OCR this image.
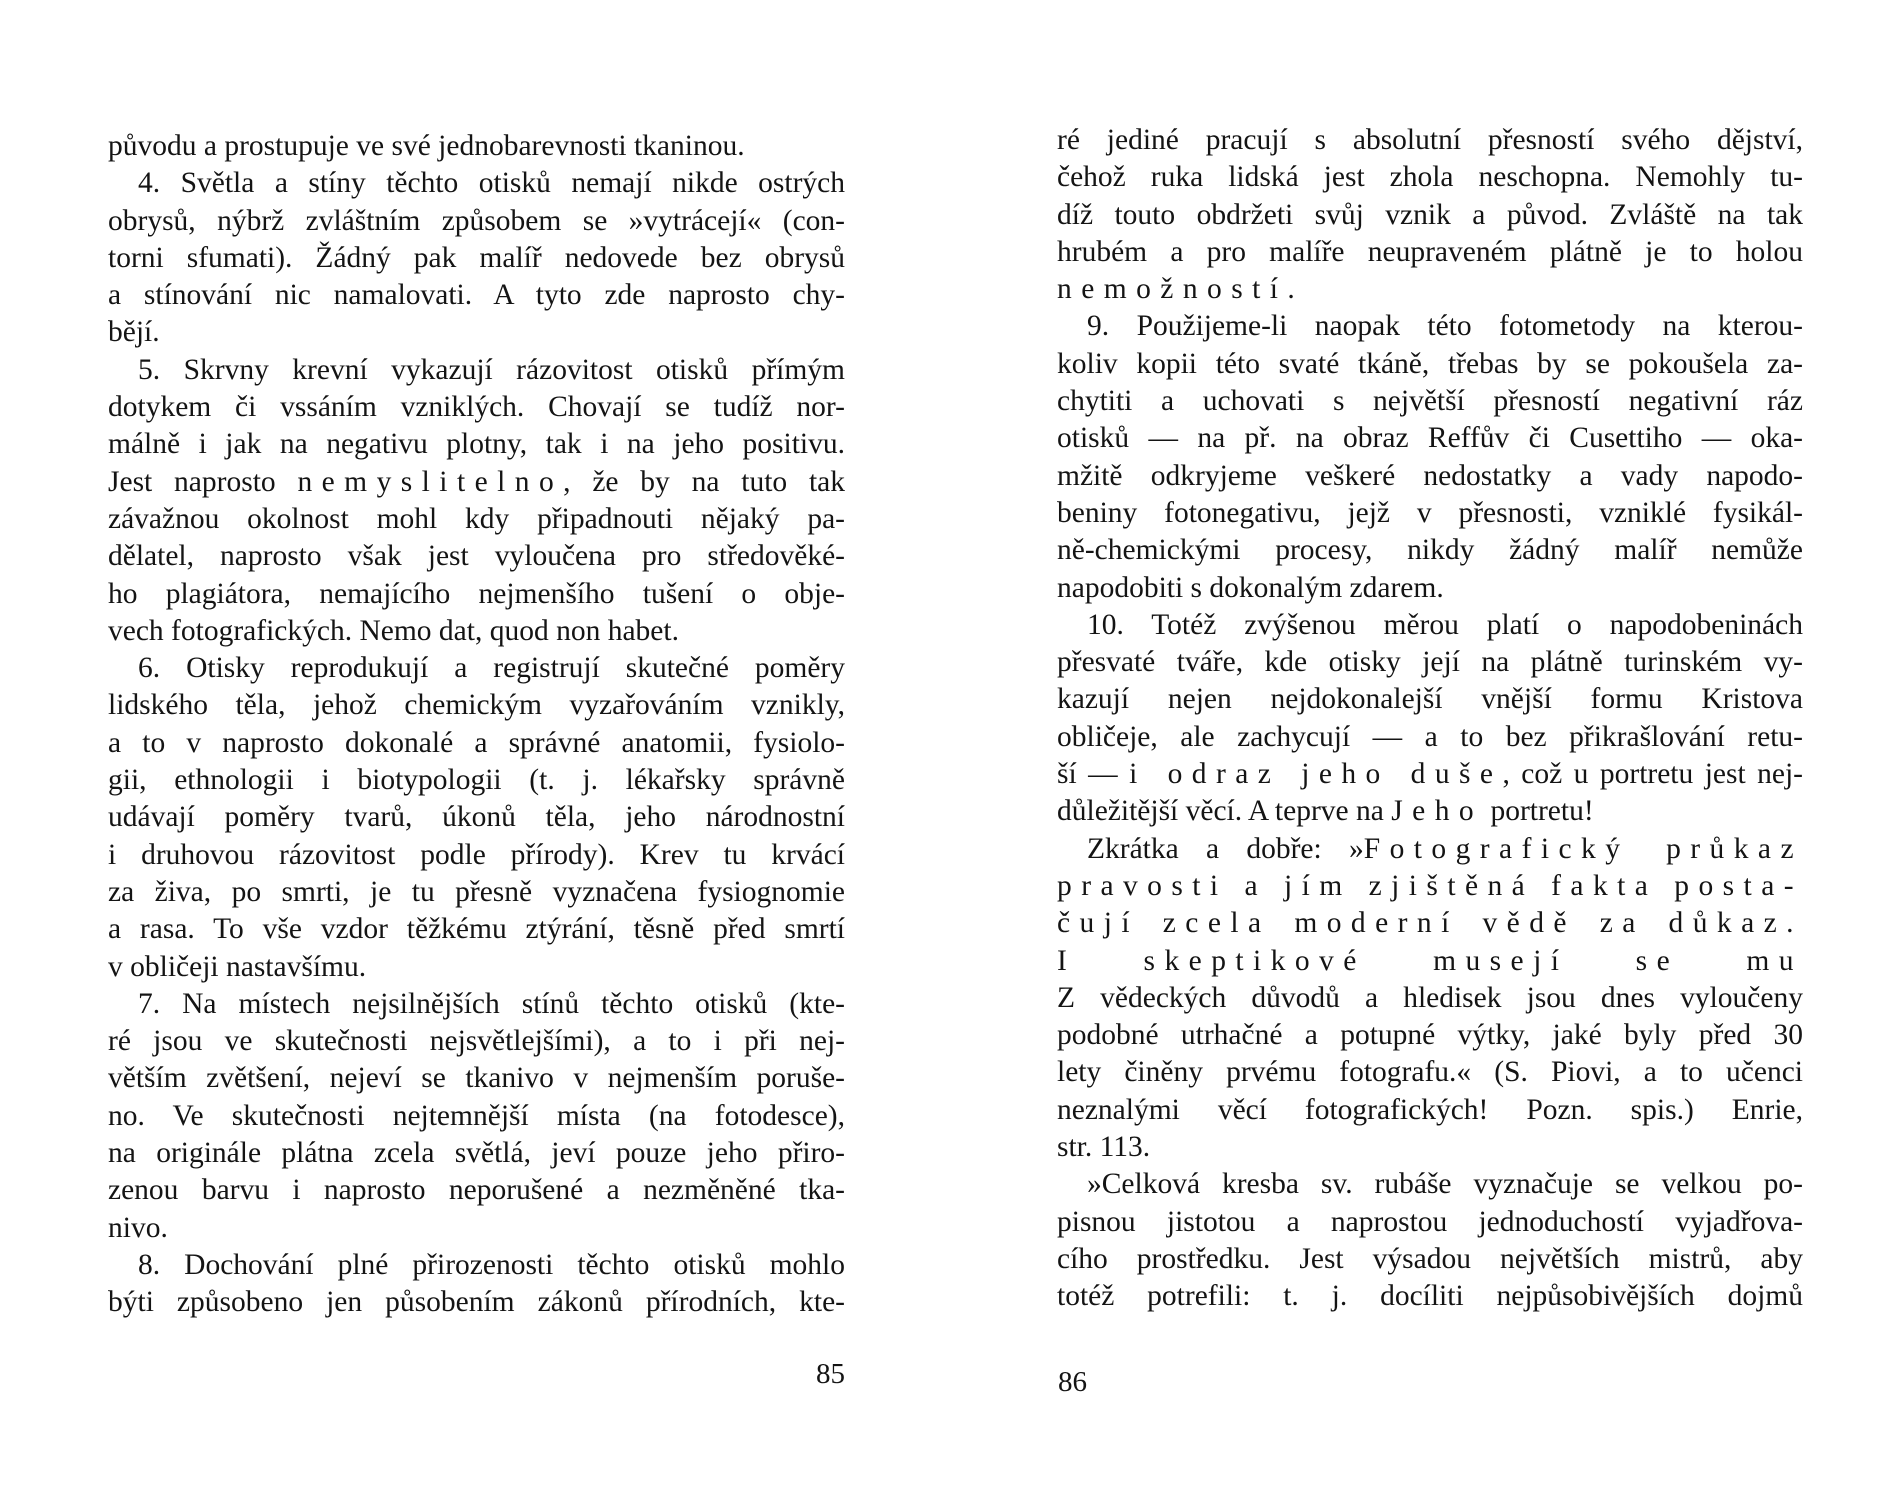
původu a prostupuje ve své jednobarevnosti tkaninou.
4. Světla a stíny těchto otisků nemají nikde ostrých
obrysů, nýbrž zvláštním způsobem se »vytrácejí« (con-
torni sfumati). Žádný pak malíř nedovede bez obrysů
a stínování nic namalovati. A tyto zde naprosto chy-
bějí.
5. Skrvny krevní vykazují rázovitost otisků přímým
dotykem či vssáním vzniklých. Chovají se tudíž nor-
málně i jak na negativu plotny, tak i na jeho positivu.
Jest naprosto nemyslitelno, že by na tuto tak
závažnou okolnost mohl kdy připadnouti nějaký pa-
dělatel, naprosto však jest vyloučena pro středověké-
ho plagiátora, nemajícího nejmenšího tušení o obje-
vech fotografických. Nemo dat, quod non habet.
6. Otisky reprodukují a registrují skutečné poměry
lidského těla, jehož chemickým vyzařováním vznikly,
a to v naprosto dokonalé a správné anatomii, fysiolo-
gii, ethnologii i biotypologii (t. j. lékařsky správně
udávají poměry tvarů, úkonů těla, jeho národnostní
i druhovou rázovitost podle přírody). Krev tu krvácí
za živa, po smrti, je tu přesně vyznačena fysiognomie
a rasa. To vše vzdor těžkému ztýrání, těsně před smrtí
v obličeji nastavšímu.
7. Na místech nejsilnějších stínů těchto otisků (kte-
ré jsou ve skutečnosti nejsvětlejšími), a to i při nej-
větším zvětšení, nejeví se tkanivo v nejmenším poruše-
no. Ve skutečnosti nejtemnější místa (na fotodesce),
na originále plátna zcela světlá, jeví pouze jeho přiro-
zenou barvu i naprosto neporušené a nezměněné tka-
nivo.
8. Dochování plné přirozenosti těchto otisků mohlo
býti způsobeno jen působením zákonů přírodních, kte-
ré jediné pracují s absolutní přesností svého dějství,
čehož ruka lidská jest zhola neschopna. Nemohly tu-
díž touto obdržeti svůj vznik a původ. Zvláště na tak
hrubém a pro malíře neupraveném plátně je to holou
nemožností.
9. Použijeme-li naopak této fotometody na kterou-
koliv kopii této svaté tkáně, třebas by se pokoušela za-
chytiti a uchovati s největší přesností negativní ráz
otisků — na př. na obraz Reffův či Cusettiho — oka-
mžitě odkryjeme veškeré nedostatky a vady napodo-
beniny fotonegativu, jejž v přesnosti, vzniklé fysikál-
ně-chemickými procesy, nikdy žádný malíř nemůže
napodobiti s dokonalým zdarem.
10. Totéž zvýšenou měrou platí o napodobeninách
přesvaté tváře, kde otisky její na plátně turinském vy-
kazují nejen nejdokonalejší vnější formu Kristova
obličeje, ale zachycují — a to bez přikrašlování retu-
ší — i odraz jeho duše, což u portretu jest nej-
důležitější věcí. A teprve na Jeho portretu!
Zkrátka a dobře: »Fotografický průkaz
pravosti a jím zjištěná fakta posta-
čují zcela moderní vědě za důkaz.
I skeptikové musejí se mu
Z vědeckých důvodů a hledisek jsou dnes vyloučeny
podobné utrhačné a potupné výtky, jaké byly před 30
lety činěny prvému fotografu.« (S. Piovi, a to učenci
neznalými věcí fotografických! Pozn. spis.) Enrie,
str. 113.
»Celková kresba sv. rubáše vyznačuje se velkou po-
pisnou jistotou a naprostou jednoduchostí vyjadřova-
cího prostředku. Jest výsadou největších mistrů, aby
totéž potrefili: t. j. docíliti nejpůsobivějších dojmů
85	86
